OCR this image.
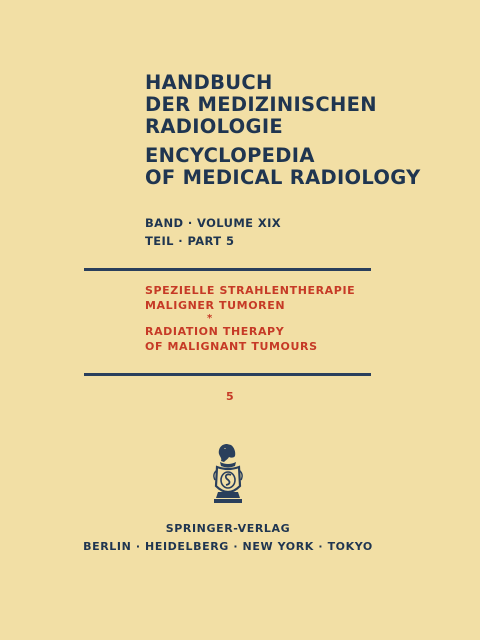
HANDBUCH
DER MEDIZINISCHEN
RADIOLOGIE
ENCYCLOPEDIA
OF MEDICAL RADIOLOGY
BAND · VOLUME XIX
TEIL · PART 5
SPEZIELLE STRAHLENTHERAPIE
MALIGNER TUMOREN
*
RADIATION THERAPY
OF MALIGNANT TUMOURS
5
SPRINGER-VERLAG
BERLIN · HEIDELBERG · NEW YORK · TOKYO
